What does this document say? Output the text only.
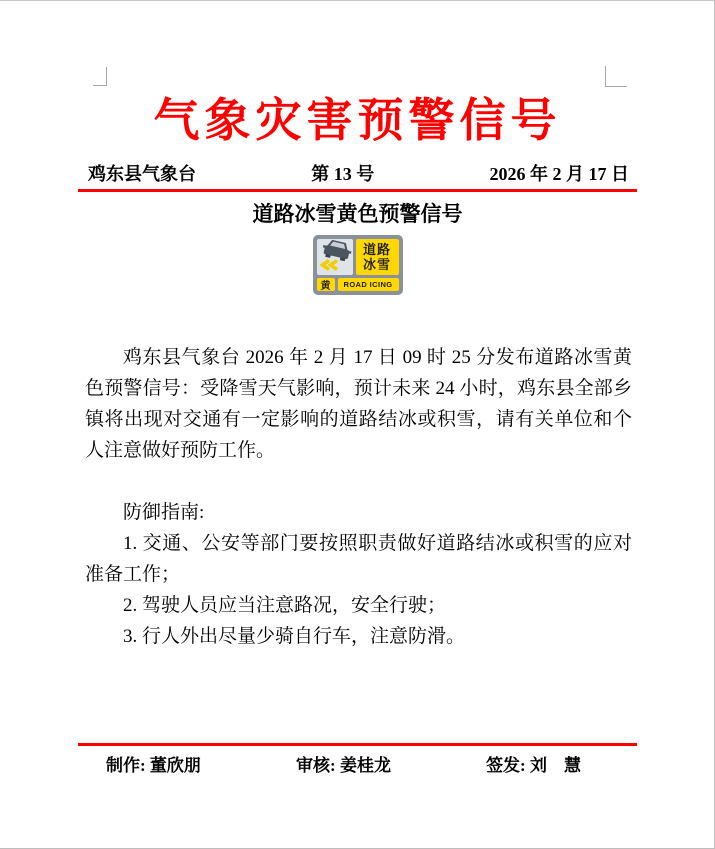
气象灾害预警信号
鸡东县气象台	第 13 号	2026 年 2 月 17 日
道路冰雪黄色预警信号
道路
冰雪
黄	ROAD ICING

鸡东县气象台 2026 年 2 月 17 日 09 时 25 分发布道路冰雪黄色预警信号：受降雪天气影响，预计未来 24 小时，鸡东县全部乡镇将出现对交通有一定影响的道路结冰或积雪，请有关单位和个人注意做好预防工作。

防御指南:

1. 交通、公安等部门要按照职责做好道路结冰或积雪的应对准备工作；

2. 驾驶人员应当注意路况，安全行驶；

3. 行人外出尽量少骑自行车，注意防滑。

制作: 董欣朋	审核: 姜桂龙	签发: 刘　慧
